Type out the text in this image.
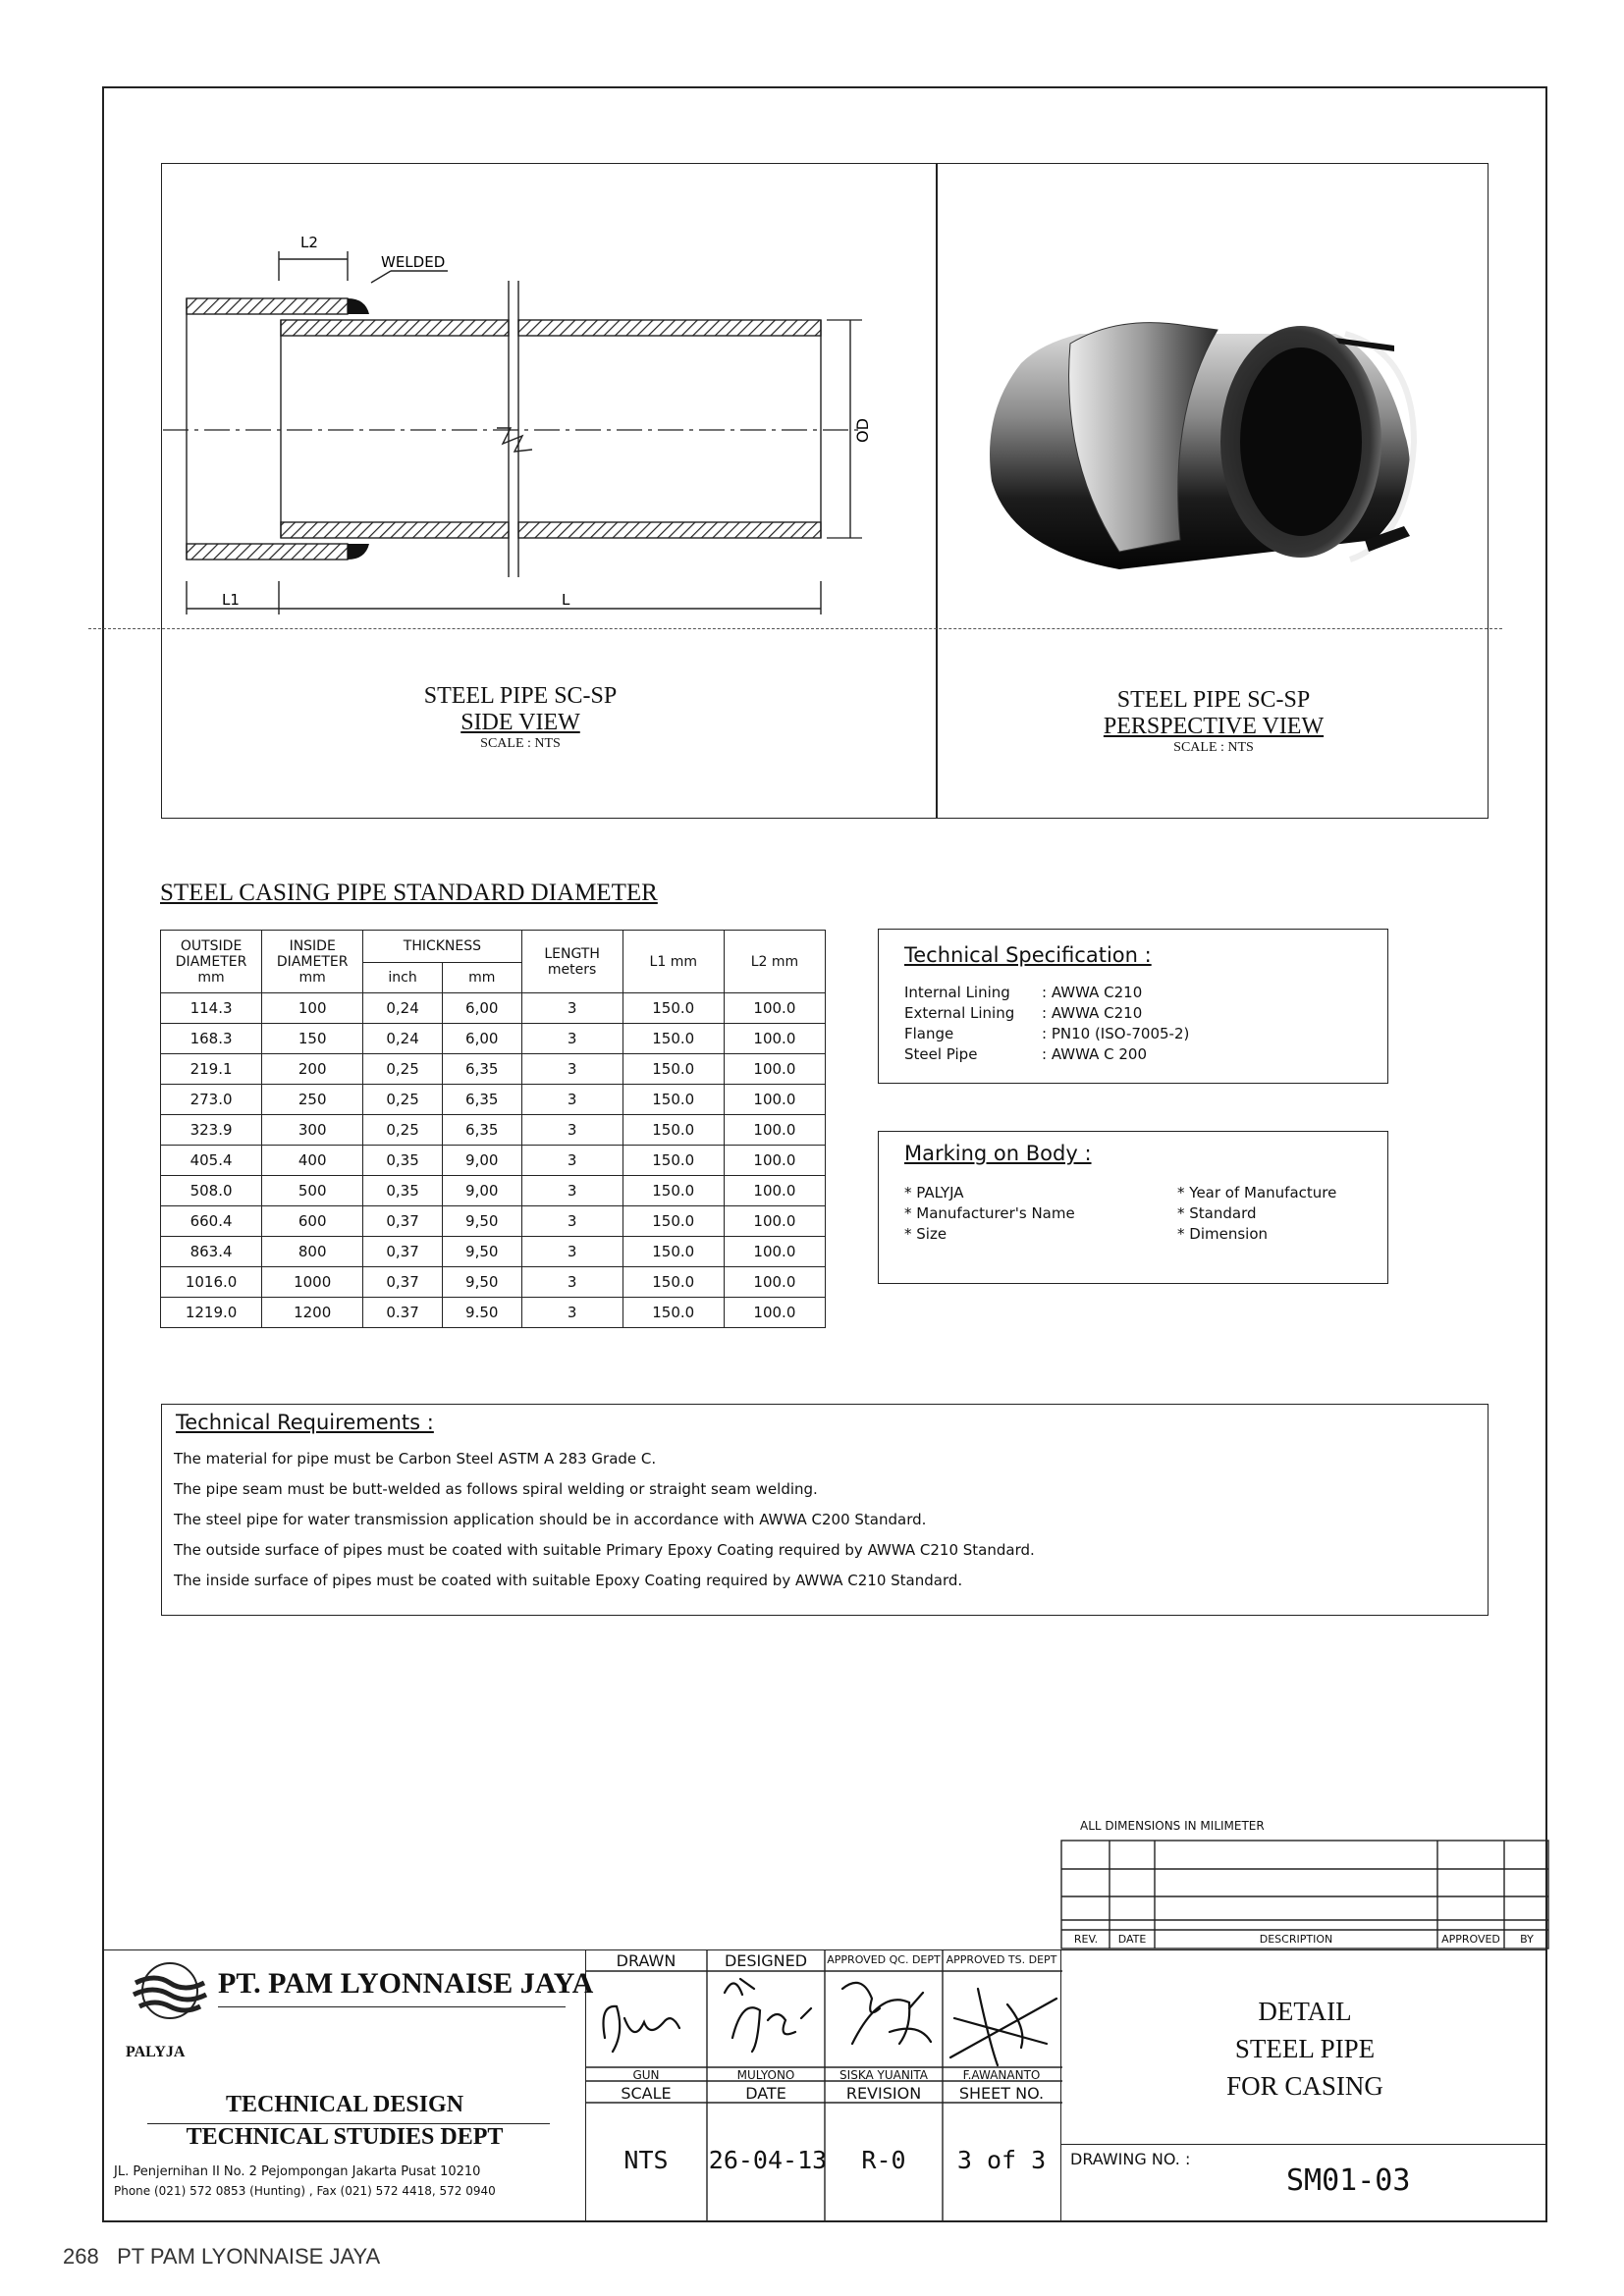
L2
WELDED
OD
L1	L
STEEL PIPE SC-SP
SIDE VIEW
SCALE : NTS
STEEL PIPE SC-SP
PERSPECTIVE VIEW
SCALE : NTS
STEEL CASING PIPE STANDARD DIAMETER
OUTSIDE DIAMETER mm	INSIDE DIAMETER mm	THICKNESS		LENGTH meters	L1 mm	L2 mm
		inch	mm			
114.3	100	0,24	6,00	3	150.0	100.0
168.3	150	0,24	6,00	3	150.0	100.0
219.1	200	0,25	6,35	3	150.0	100.0
273.0	250	0,25	6,35	3	150.0	100.0
323.9	300	0,25	6,35	3	150.0	100.0
405.4	400	0,35	9,00	3	150.0	100.0
508.0	500	0,35	9,00	3	150.0	100.0
660.4	600	0,37	9,50	3	150.0	100.0
863.4	800	0,37	9,50	3	150.0	100.0
1016.0	1000	0,37	9,50	3	150.0	100.0
1219.0	1200	0.37	9.50	3	150.0	100.0
Technical Specification :
Internal Lining	: AWWA C210
External Lining	: AWWA C210
Flange	: PN10 (ISO-7005-2)
Steel Pipe	: AWWA C 200
Marking on Body :
* PALYJA
* Manufacturer's Name
* Size
* Year of Manufacture
* Standard
* Dimension
Technical Requirements :
The material for pipe must be Carbon Steel ASTM A 283 Grade C.
The pipe seam must be butt-welded as follows spiral welding or straight seam welding.
The steel pipe for water transmission application should be in accordance with AWWA C200 Standard.
The outside surface of pipes must be coated with suitable Primary Epoxy Coating required by AWWA C210 Standard.
The inside surface of pipes must be coated with suitable Epoxy Coating required by AWWA C210 Standard.
ALL DIMENSIONS IN MILIMETER
REV.	DATE	DESCRIPTION	APPROVED	BY
PT. PAM LYONNAISE JAYA
PALYJA
TECHNICAL DESIGN
TECHNICAL STUDIES DEPT
JL. Penjernihan II No. 2 Pejompongan Jakarta Pusat 10210
Phone (021) 572 0853 (Hunting) , Fax (021) 572 4418, 572 0940
DRAWN	DESIGNED	APPROVED QC. DEPT APPROVED TS. DEPT
GUN	MULYONO	SISKA YUANITA	F.AWANANTO
SCALE	DATE	REVISION	SHEET NO.
NTS	26-04-13	R-0	3 of 3
DETAIL
STEEL PIPE
FOR CASING
DRAWING NO. :
SM01-03
268 PT PAM LYONNAISE JAYA
